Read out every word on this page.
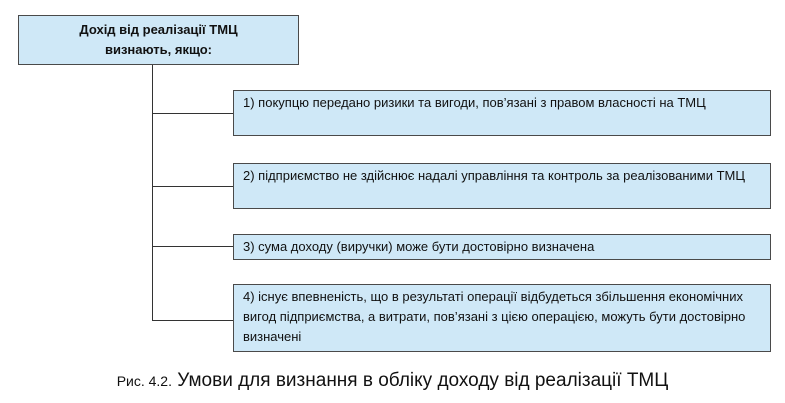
Дохід від реалізації ТМЦ
визнають, якщо:
1) покупцю передано ризики та вигоди, пов’язані з правом власності на ТМЦ
2) підприємство не здійснює надалі управління та контроль за реалізованими ТМЦ
3) сума доходу (виручки) може бути достовірно визначена
4) існує впевненість, що в результаті операції відбудеться збільшення економічних вигод підприємства, а витрати, пов’язані з цією операцією, можуть бути достовірно визначені
Рис. 4.2. Умови для визнання в обліку доходу від реалізації ТМЦ
